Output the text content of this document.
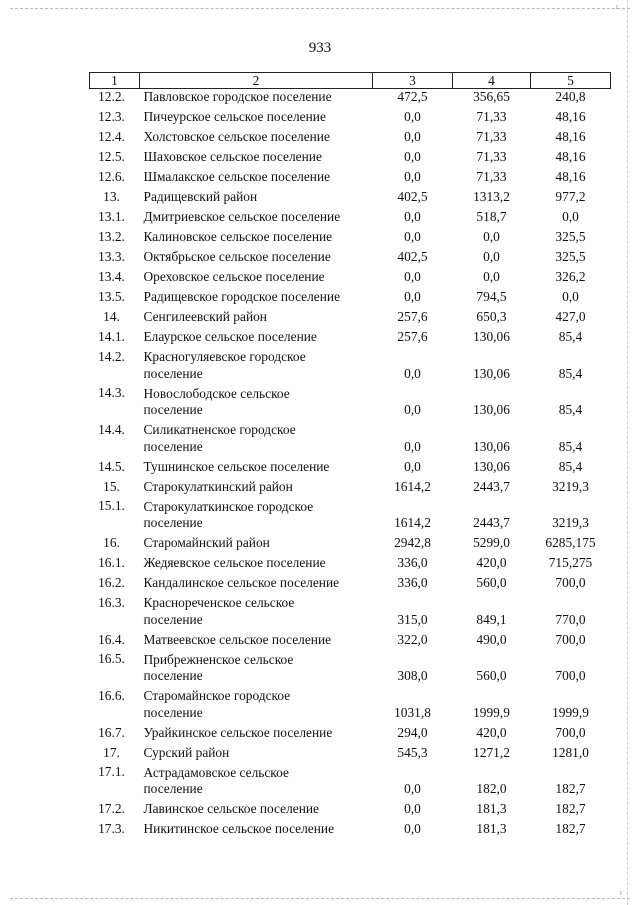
ı
ı
933
1	2	3	4	5
12.2.	Павловское городское поселение	472,5	356,65	240,8
12.3.	Пичеурское сельское поселение	0,0	71,33	48,16
12.4.	Холстовское сельское поселение	0,0	71,33	48,16
12.5.	Шаховское сельское поселение	0,0	71,33	48,16
12.6.	Шмалакское сельское поселение	0,0	71,33	48,16
13.	Радищевский район	402,5	1313,2	977,2
13.1.	Дмитриевское сельское поселение	0,0	518,7	0,0
13.2.	Калиновское сельское поселение	0,0	0,0	325,5
13.3.	Октябрьское сельское поселение	402,5	0,0	325,5
13.4.	Ореховское сельское поселение	0,0	0,0	326,2
13.5.	Радищевское городское поселение	0,0	794,5	0,0
14.	Сенгилеевский район	257,6	650,3	427,0
14.1.	Елаурское сельское поселение	257,6	130,06	85,4
14.2.	Красногуляевское городское
поселение	0,0	130,06	85,4
14.3.	Новослободское сельское
поселение	0,0	130,06	85,4
14.4.	Силикатненское городское
поселение	0,0	130,06	85,4
14.5.	Тушнинское сельское поселение	0,0	130,06	85,4
15.	Старокулаткинский район	1614,2	2443,7	3219,3
15.1.	Старокулаткинское городское
поселение	1614,2	2443,7	3219,3
16.	Старомайнский район	2942,8	5299,0	6285,175
16.1.	Жедяевское сельское поселение	336,0	420,0	715,275
16.2.	Кандалинское сельское поселение	336,0	560,0	700,0
16.3.	Краснореченское сельское
поселение	315,0	849,1	770,0
16.4.	Матвеевское сельское поселение	322,0	490,0	700,0
16.5.	Прибрежненское сельское
поселение	308,0	560,0	700,0
16.6.	Старомайнское городское
поселение	1031,8	1999,9	1999,9
16.7.	Урайкинское сельское поселение	294,0	420,0	700,0
17.	Сурский район	545,3	1271,2	1281,0
17.1.	Астрадамовское сельское
поселение	0,0	182,0	182,7
17.2.	Лавинское сельское поселение	0,0	181,3	182,7
17.3.	Никитинское сельское поселение	0,0	181,3	182,7
